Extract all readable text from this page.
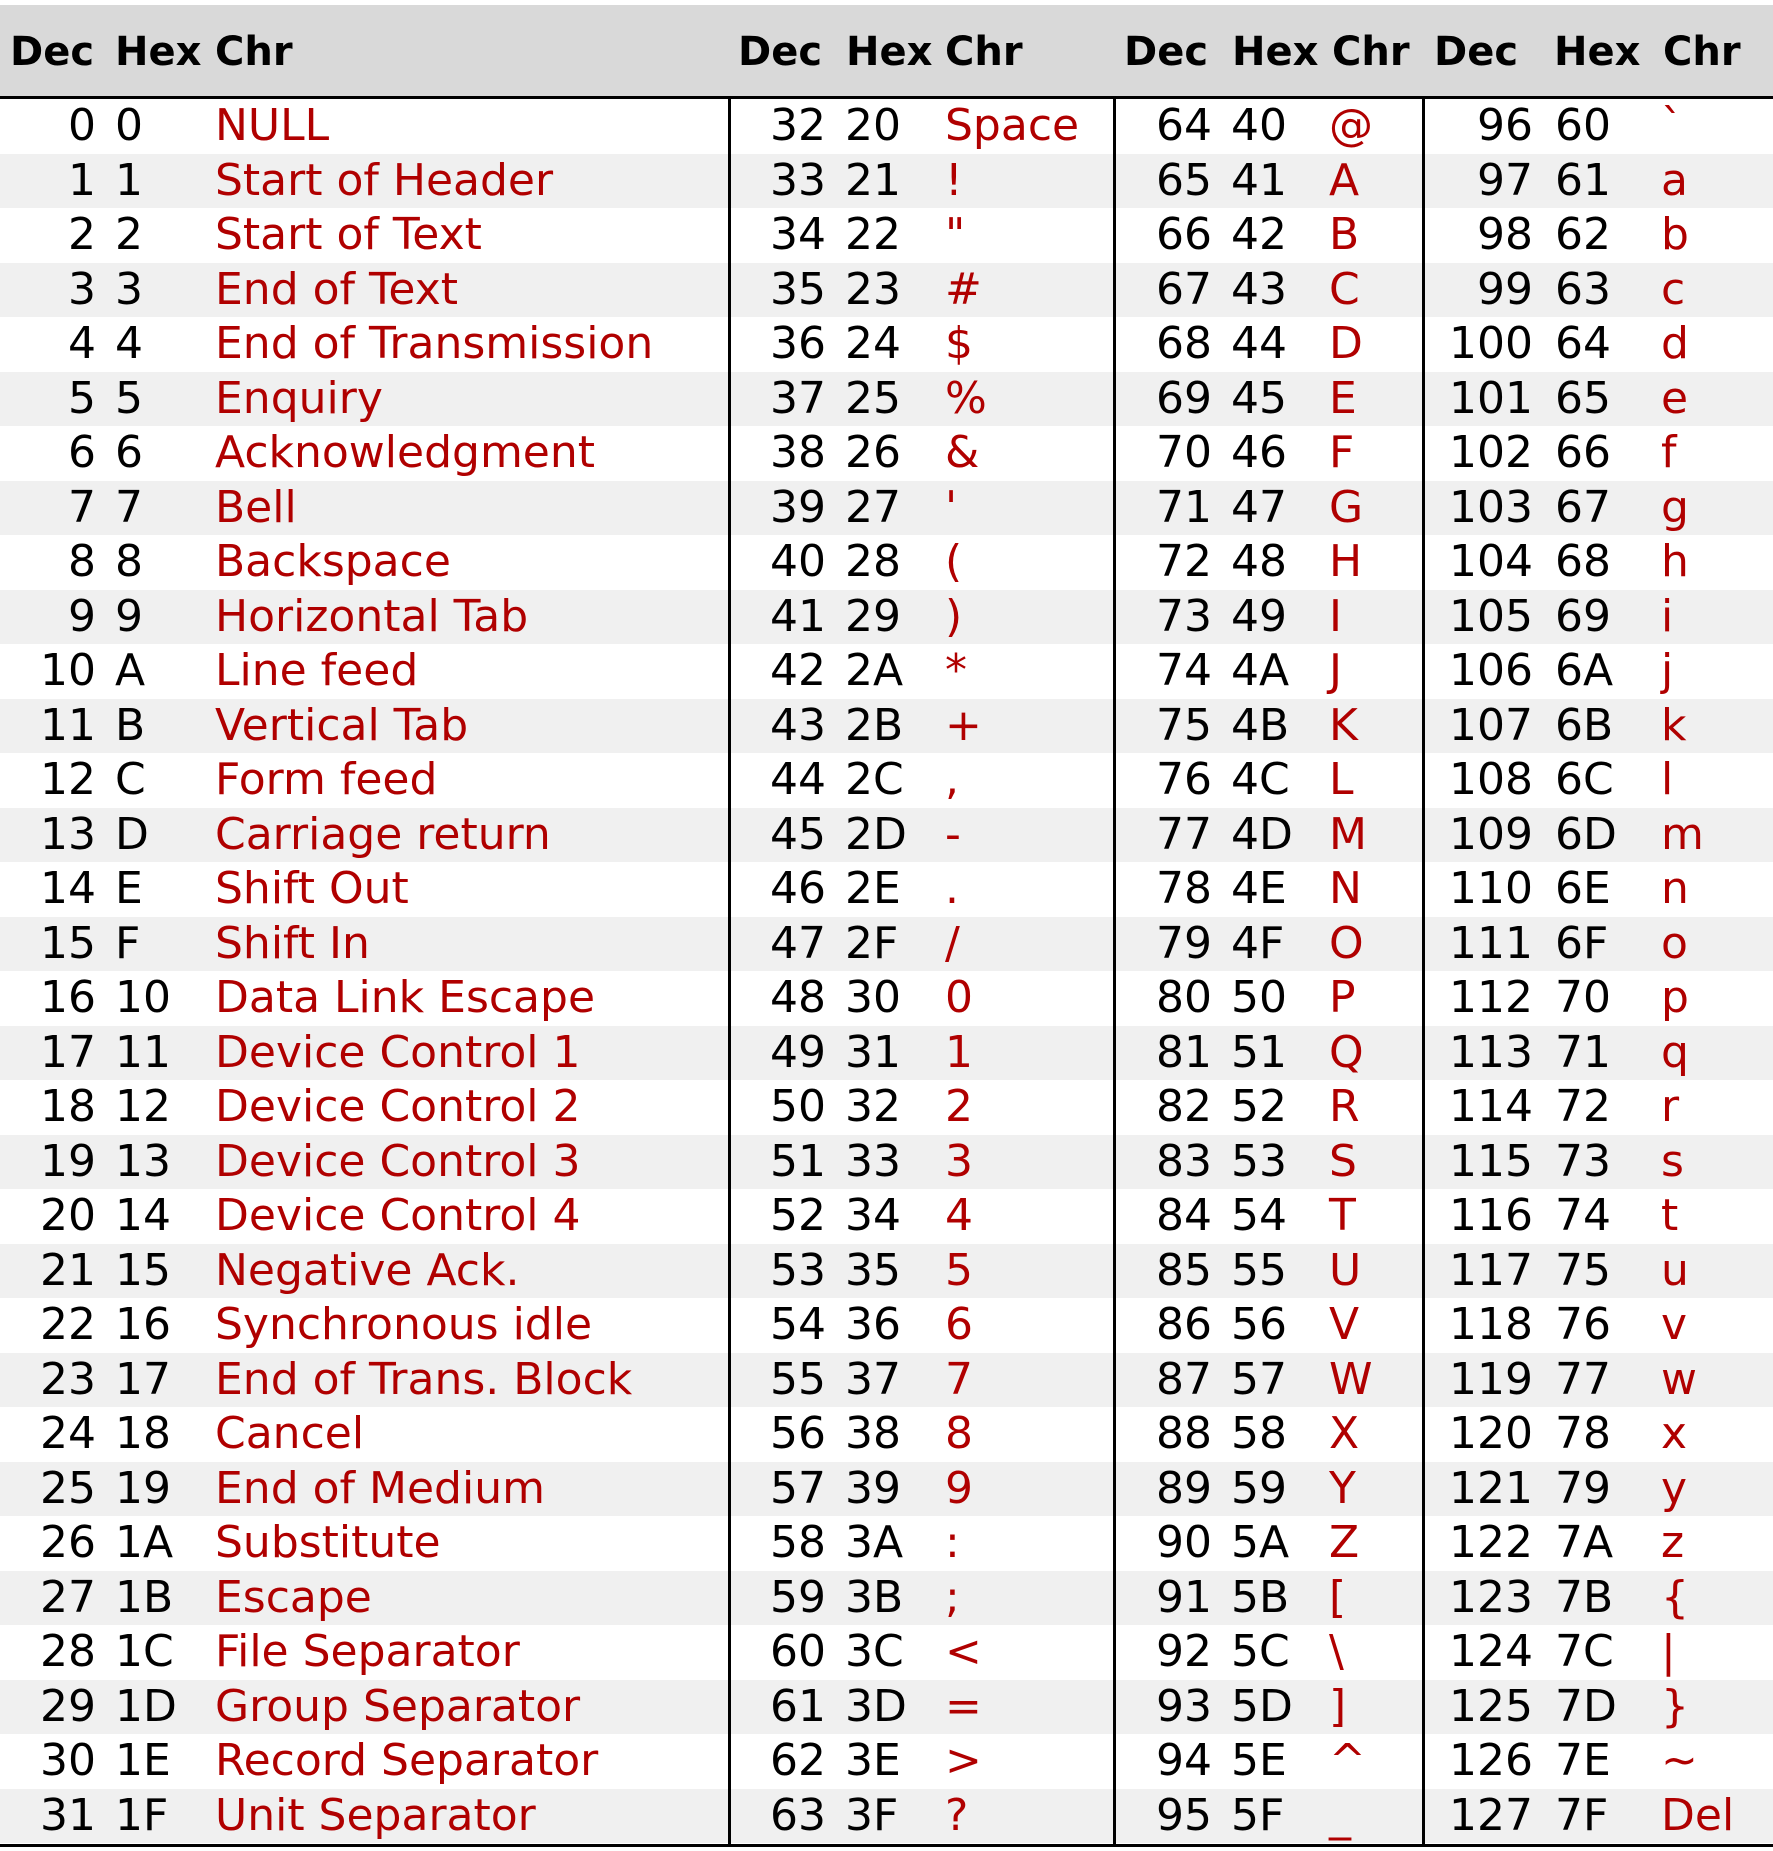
Dec Hex Chr	Dec Hex Chr	Dec Hex Chr Dec Hex Chr
0 0 NULL	32 20 Space	64 40 @	96 60 `
1 1 Start of Header	33 21 !	65 41 A	97 61 a
2 2 Start of Text	34 22 "	66 42 B	98 62 b
3 3 End of Text	35 23 #	67 43 C	99 63 c
4 4 End of Transmission	36 24 $	68 44 D	100 64 d
5 5 Enquiry	37 25 %	69 45 E	101 65 e
6 6 Acknowledgment	38 26 &	70 46 F	102 66 f
7 7 Bell	39 27 '	71 47 G	103 67 g
8 8 Backspace	40 28 (	72 48 H	104 68 h
9 9 Horizontal Tab	41 29 )	73 49 I	105 69 i
10 A Line feed	42 2A *	74 4A J	106 6A j
11 B Vertical Tab	43 2B +	75 4B K	107 6B k
12 C Form feed	44 2C ,	76 4C L	108 6C l
13 D Carriage return	45 2D -	77 4D M	109 6D m
14 E Shift Out	46 2E .	78 4E N	110 6E n
15 F Shift In	47 2F /	79 4F O	111 6F o
16 10 Data Link Escape	48 30 0	80 50 P	112 70 p
17 11 Device Control 1	49 31 1	81 51 Q	113 71 q
18 12 Device Control 2	50 32 2	82 52 R	114 72 r
19 13 Device Control 3	51 33 3	83 53 S	115 73 s
20 14 Device Control 4	52 34 4	84 54 T	116 74 t
21 15 Negative Ack.	53 35 5	85 55 U	117 75 u
22 16 Synchronous idle	54 36 6	86 56 V	118 76 v
23 17 End of Trans. Block	55 37 7	87 57 W	119 77 w
24 18 Cancel	56 38 8	88 58 X	120 78 x
25 19 End of Medium	57 39 9	89 59 Y	121 79 y
26 1A Substitute	58 3A :	90 5A Z	122 7A z
27 1B Escape	59 3B ;	91 5B [	123 7B {
28 1C File Separator	60 3C <	92 5C \	124 7C |
29 1D Group Separator	61 3D =	93 5D ]	125 7D }
30 1E Record Separator	62 3E >	94 5E ^	126 7E ~
31 1F Unit Separator	63 3F ?	95 5F _	127 7F Del
